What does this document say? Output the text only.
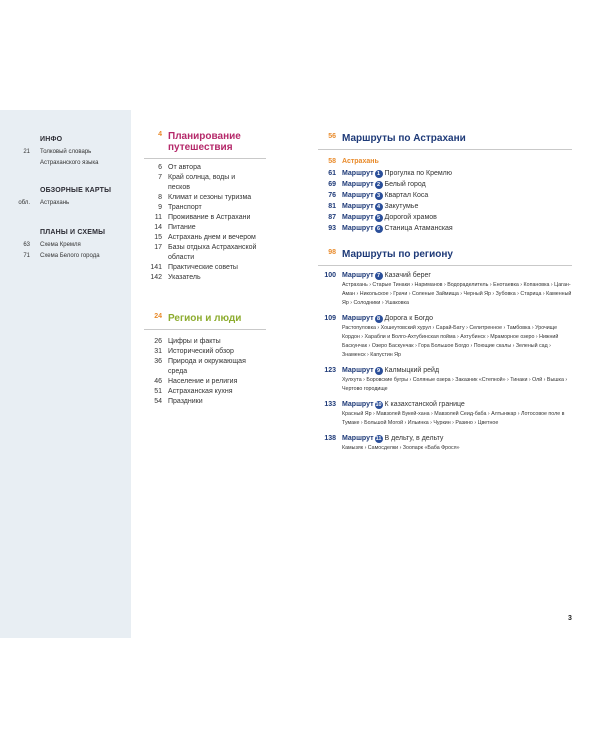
ИНФО
21 Толковый словарь Астраханского языка
ОБЗОРНЫЕ КАРТЫ
обл. Астрахань
ПЛАНЫ И СХЕМЫ
63 Схема Кремля
71 Схема Белого города
4 Планирование путешествия
6 От автора
7 Край солнца, воды и песков
8 Климат и сезоны туризма
9 Транспорт
11 Проживание в Астрахани
14 Питание
15 Астрахань днем и вечером
17 Базы отдыха Астраханской области
141 Практические советы
142 Указатель
24 Регион и люди
26 Цифры и факты
31 Исторический обзор
36 Природа и окружающая среда
46 Население и религия
51 Астраханская кухня
54 Праздники
56 Маршруты по Астрахани
58 Астрахань
61 Маршрут 1 Прогулка по Кремлю
69 Маршрут 2 Белый город
76 Маршрут 3 Квартал Коса
81 Маршрут 4 Закутумье
87 Маршрут 5 Дорогой храмов
93 Маршрут 6 Станица Атаманская
98 Маршруты по региону
100 Маршрут 7 Казачий берег
Астрахань › Старые Тинаки › Нариманов › Водораделитель › Енотаевка › Копановка › Цаган-Аман › Никольское › Грачи › Соленые Займища › Черный Яр › Зубовка › Старица › Каменный Яр › Солодники › Ушаковка
109 Маршрут 8 Дорога к Богдо
Растопуловка › Хошеутовский хурул › Сарай-Бату › Селитренное › Тамбовка › Урочище Кордон › Харабли и Волго-Ахтубинская пойма › Ахтубинск › Мраморное озеро › Нижний Баскунчак › Озеро Баскунчак › Гора Большое Богдо › Поющие скалы › Зеленый сад › Знаменск › Капустин Яр
123 Маршрут 9 Калмыцкий рейд
Хулхута › Боровские бугры › Соляные озера › Заказник «Степной» › Тинаки › Олй › Вышка › Чертово городище
133 Маршрут 10 К казахстанской границе
Красный Яр › Мавзолей Букей-хана › Мавзолей Сеид-баба › Алтынжар › Лотосовое поле в Тумаке › Большой Могой › Ильинка › Чуркин › Разино › Цветное
138 Маршрут 11 В дельту, в дельту
Камызяк › Самосделки › Зоопарк «Баба Фрося»
3
